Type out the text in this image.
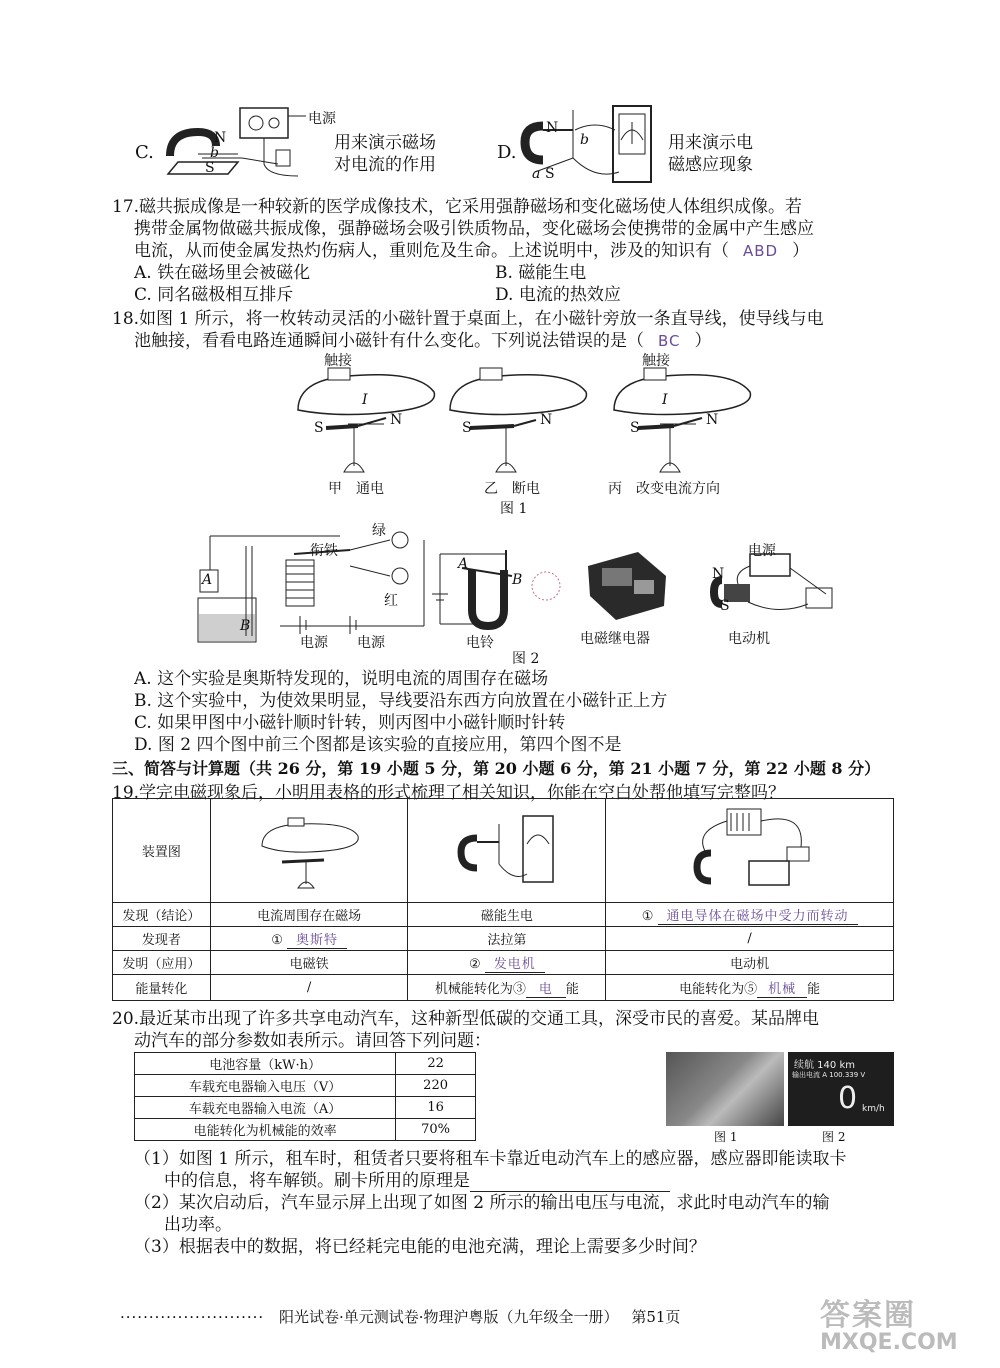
C.
N
b
S
电源
用来演示磁场
对电流的作用
D.
N
b
a S
用来演示电
磁感应现象
17.磁共振成像是一种较新的医学成像技术，它采用强静磁场和变化磁场使人体组织成像。若
携带金属物做磁共振成像，强静磁场会吸引铁质物品，变化磁场会使携带的金属中产生感应
电流，从而使金属发热灼伤病人，重则危及生命。上述说明中，涉及的知识有（ ABD ）
A. 铁在磁场里会被磁化	B. 磁能生电
C. 同名磁极相互排斥	D. 电流的热效应
18.如图 1 所示，将一枚转动灵活的小磁针置于桌面上，在小磁针旁放一条直导线，使导线与电
池触接，看看电路连通瞬间小磁针有什么变化。下列说法错误的是（ BC ）
触接
I
S	N
甲　通电
S	N
乙　断电
触接
I
S	N
丙　改变电流方向
图 1
A
B
衔铁
绿
红
电源 电源
A
B
电铃	电磁继电器
电源
N
S
电动机
图 2
A. 这个实验是奥斯特发现的，说明电流的周围存在磁场
B. 这个实验中，为使效果明显，导线要沿东西方向放置在小磁针正上方
C. 如果甲图中小磁针顺时针转，则丙图中小磁针顺时针转
D. 图 2 四个图中前三个图都是该实验的直接应用，第四个图不是
三、简答与计算题（共 26 分，第 19 小题 5 分，第 20 小题 6 分，第 21 小题 7 分，第 22 小题 8 分）
19.学完电磁现象后，小明用表格的形式梳理了相关知识，你能在空白处帮他填写完整吗？
装置图			
发现（结论）	电流周围存在磁场	磁能生电	① 通电导体在磁场中受力而转动
发现者	① 奥斯特	法拉第	/
发明（应用）	电磁铁	② 发电机	电动机
能量转化	/	机械能转化为③ 电 能	电能转化为⑤ 机械 能
20.最近某市出现了许多共享电动汽车，这种新型低碳的交通工具，深受市民的喜爱。某品牌电
动汽车的部分参数如表所示。请回答下列问题：
电池容量（kW·h）	22
车载充电器输入电压（V）	220
车载充电器输入电流（A）	16
电能转化为机械能的效率	70%
续航 140 km
输出电流 A 100.339 V
0 km/h
图 1	图 2
（1）如图 1 所示，租车时，租赁者只要将租车卡靠近电动汽车上的感应器，感应器即能读取卡
中的信息，将车解锁。刷卡所用的原理是
（2）某次启动后，汽车显示屏上出现了如图 2 所示的输出电压与电流，求此时电动汽车的输
出功率。
（3）根据表中的数据，将已经耗完电能的电池充满，理论上需要多少时间？
························· 阳光试卷·单元测试卷·物理沪粤版（九年级全一册） 第51页	答案圈
MXQE.COM
